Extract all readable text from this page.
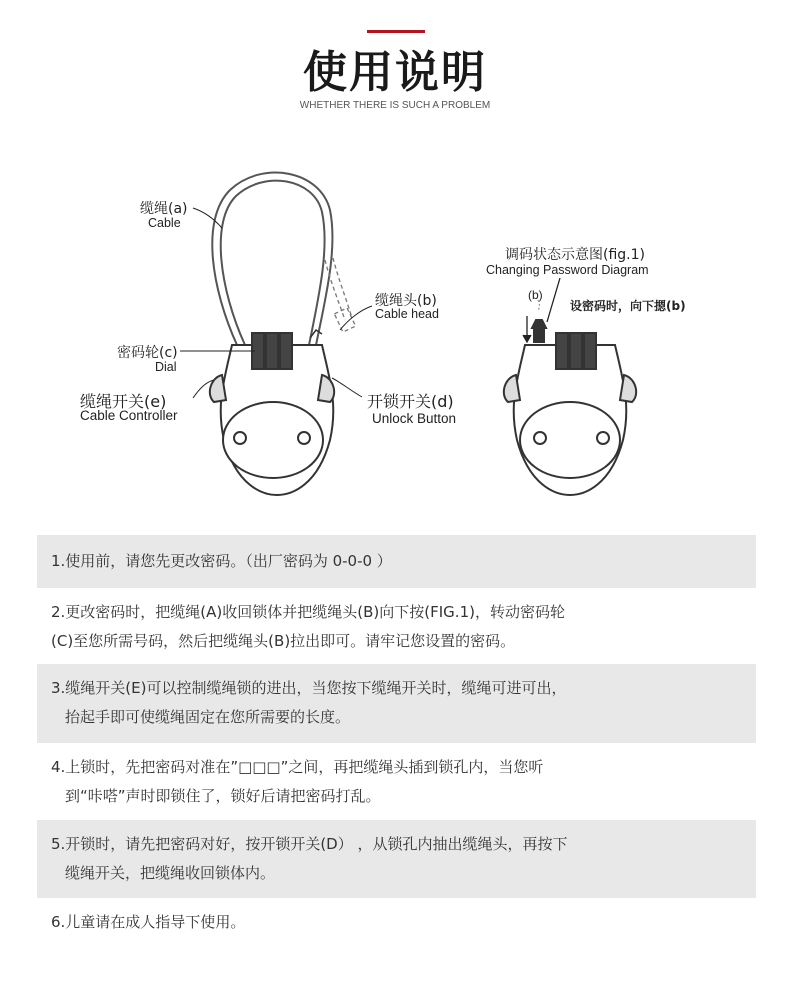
使用说明
WHETHER THERE IS SUCH A PROBLEM
缆绳(a)
Cable
缆绳头(b)
Cable head
密码轮(c)
Dial
缆绳开关(e)
Cable Controller
开锁开关(d)
Unlock Button
调码状态示意图(fig.1)
Changing Password Diagram
(b)
设密码时，向下摁(b)
1.使用前，请您先更改密码。（出厂密码为 0-0-0 ）
2.更改密码时，把缆绳(A)收回锁体并把缆绳头(B)向下按(FIG.1)，转动密码轮
(C)至您所需号码，然后把缆绳头(B)拉出即可。请牢记您设置的密码。
3.缆绳开关(E)可以控制缆绳锁的进出，当您按下缆绳开关时，缆绳可进可出，
抬起手即可使缆绳固定在您所需要的长度。
4.上锁时，先把密码对准在”□□□”之间，再把缆绳头插到锁孔内，当您听
到“咔嗒”声时即锁住了，锁好后请把密码打乱。
5.开锁时，请先把密码对好，按开锁开关(D） ，从锁孔内抽出缆绳头，再按下
缆绳开关，把缆绳收回锁体内。
6.儿童请在成人指导下使用。
